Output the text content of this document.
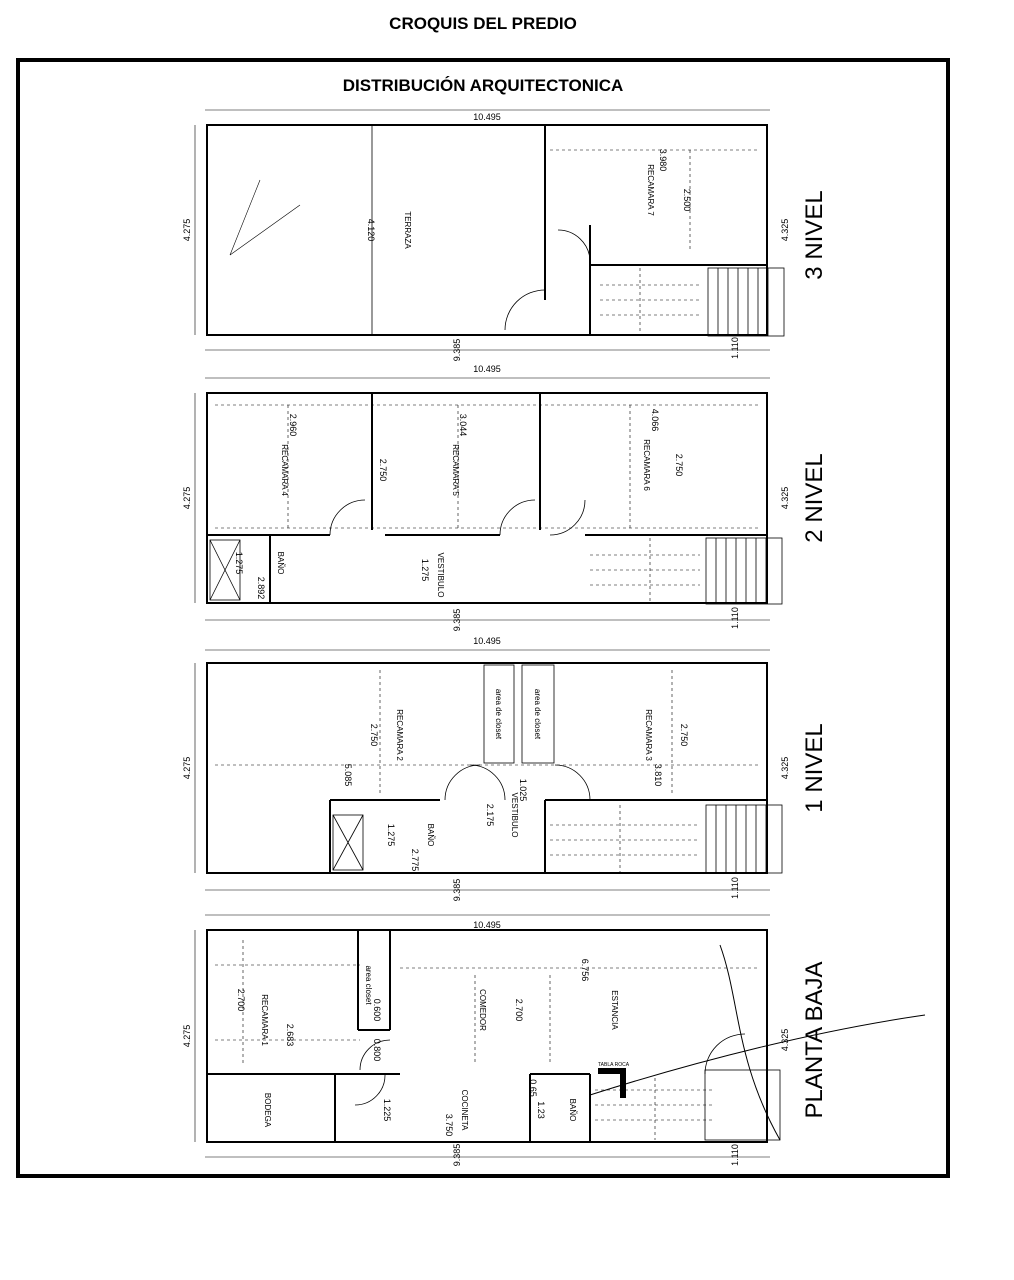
CROQUIS DEL PREDIO
DISTRIBUCIÓN ARQUITECTONICA
10.495
4.275	4.325
9.385	1.110
TERRAZA
4.120
RECAMARA 7
3.980
2.500	3 NIVEL
10.495
4.275	4.325
9.385	1.110
RECAMARA 4
2.960
2.750	RECAMARA 5
3.044
RECAMARA 6
4.066
2.750
BAÑO
1.275
2.892	VESTIBULO
1.275
2 NIVEL
10.495
4.275	4.325
9.385	1.110
RECAMARA 2
2.750
5.085
area de closet	area de closet	RECAMARA 3	2.750
3.810
BAÑO
1.275
2.775
VESTIBULO
2.175
1.025	1 NIVEL
10.495
4.275	4.325
9.385	1.110
RECAMARA 1
2.700
2.683
COMEDOR	2.700	ESTANCIA
6.756
BODEGA	1.225	COCINETA
3.750
BAÑO
0.65
1.23
area closet
0.600
0.800
TABLA ROCA	PLANTA BAJA
